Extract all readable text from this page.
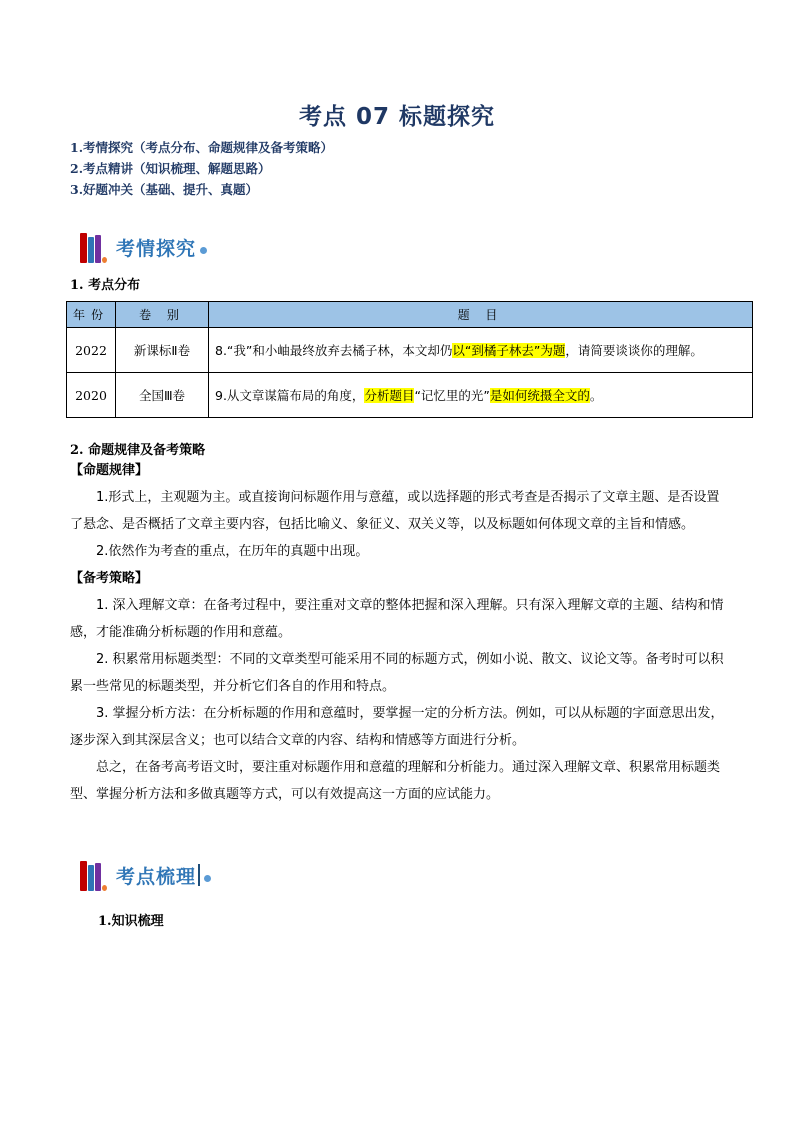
考点 07 标题探究
1.考情探究（考点分布、命题规律及备考策略）
2.考点精讲（知识梳理、解题思路）
3.好题冲关（基础、提升、真题）
考情探究
1. 考点分布
年份	卷 别	题 目
2022	新课标Ⅱ卷	8.“我”和小岫最终放弃去橘子林，本文却仍以“到橘子林去”为题，请简要谈谈你的理解。
2020	全国Ⅲ卷	9.从文章谋篇布局的角度，分析题目“记忆里的光”是如何统摄全文的。
2. 命题规律及备考策略
【命题规律】
1.形式上，主观题为主。或直接询问标题作用与意蕴，或以选择题的形式考查是否揭示了文章主题、是否设置了悬念、是否概括了文章主要内容，包括比喻义、象征义、双关义等，以及标题如何体现文章的主旨和情感。
2.依然作为考查的重点，在历年的真题中出现。
【备考策略】
1. 深入理解文章：在备考过程中，要注重对文章的整体把握和深入理解。只有深入理解文章的主题、结构和情感，才能准确分析标题的作用和意蕴。
2. 积累常用标题类型：不同的文章类型可能采用不同的标题方式，例如小说、散文、议论文等。备考时可以积累一些常见的标题类型，并分析它们各自的作用和特点。
3. 掌握分析方法：在分析标题的作用和意蕴时，要掌握一定的分析方法。例如，可以从标题的字面意思出发，逐步深入到其深层含义；也可以结合文章的内容、结构和情感等方面进行分析。
总之，在备考高考语文时，要注重对标题作用和意蕴的理解和分析能力。通过深入理解文章、积累常用标题类型、掌握分析方法和多做真题等方式，可以有效提高这一方面的应试能力。
考点梳理
1.知识梳理
